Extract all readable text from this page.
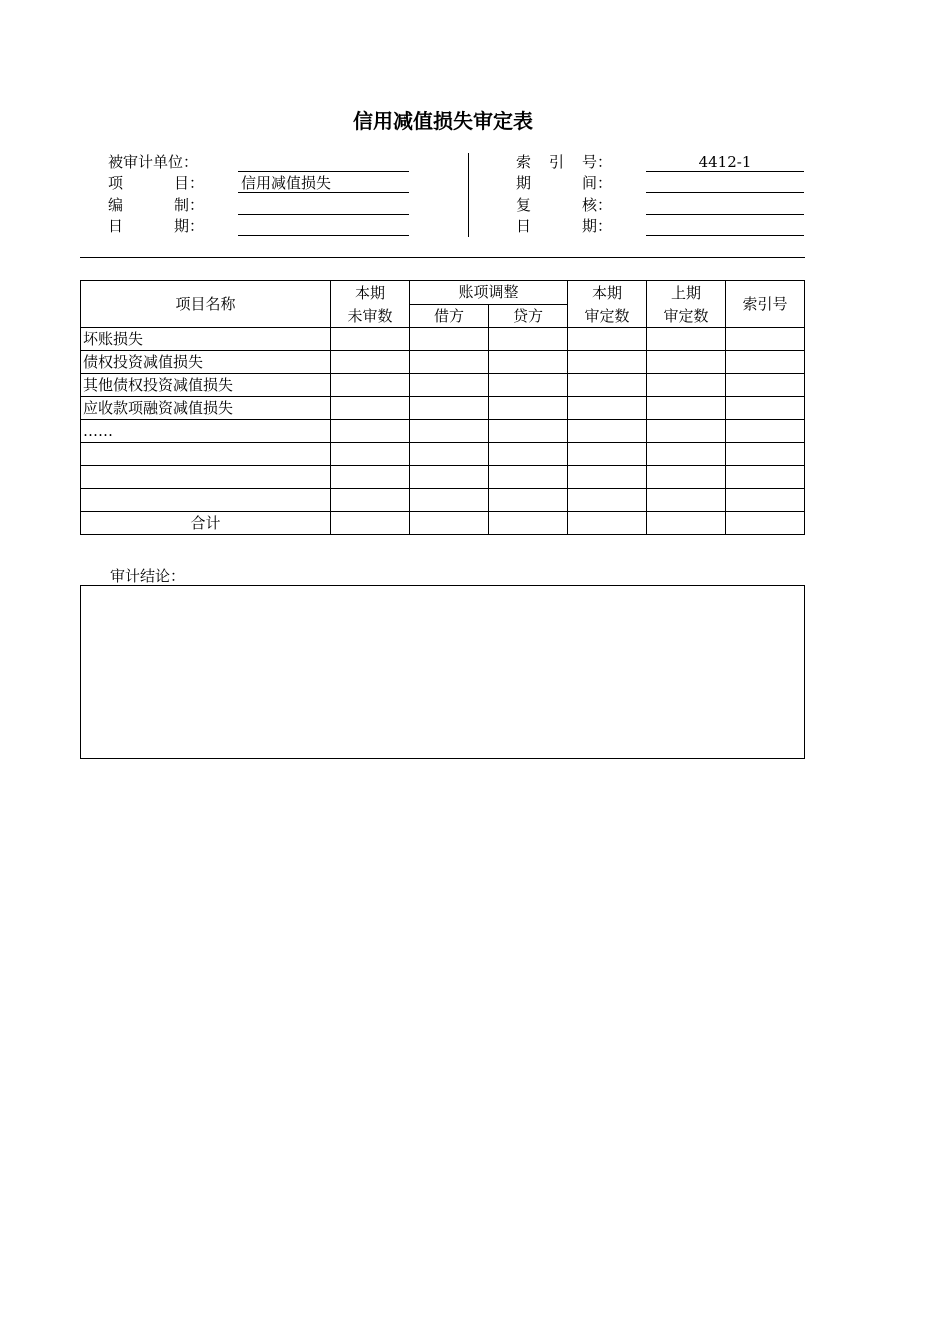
信用减值损失审定表
被审计单位：
项	目： 信用减值损失
编	制：
日	期：
索 引 号：	4412-1
期	间：
复	核：
日	期：
项目名称	本期	账项调整		本期	上期	索引号
	未审数	借方	贷方	审定数	审定数	
坏账损失						
债权投资减值损失						
其他债权投资减值损失						
应收款项融资减值损失						
……						

合计						
审计结论：
